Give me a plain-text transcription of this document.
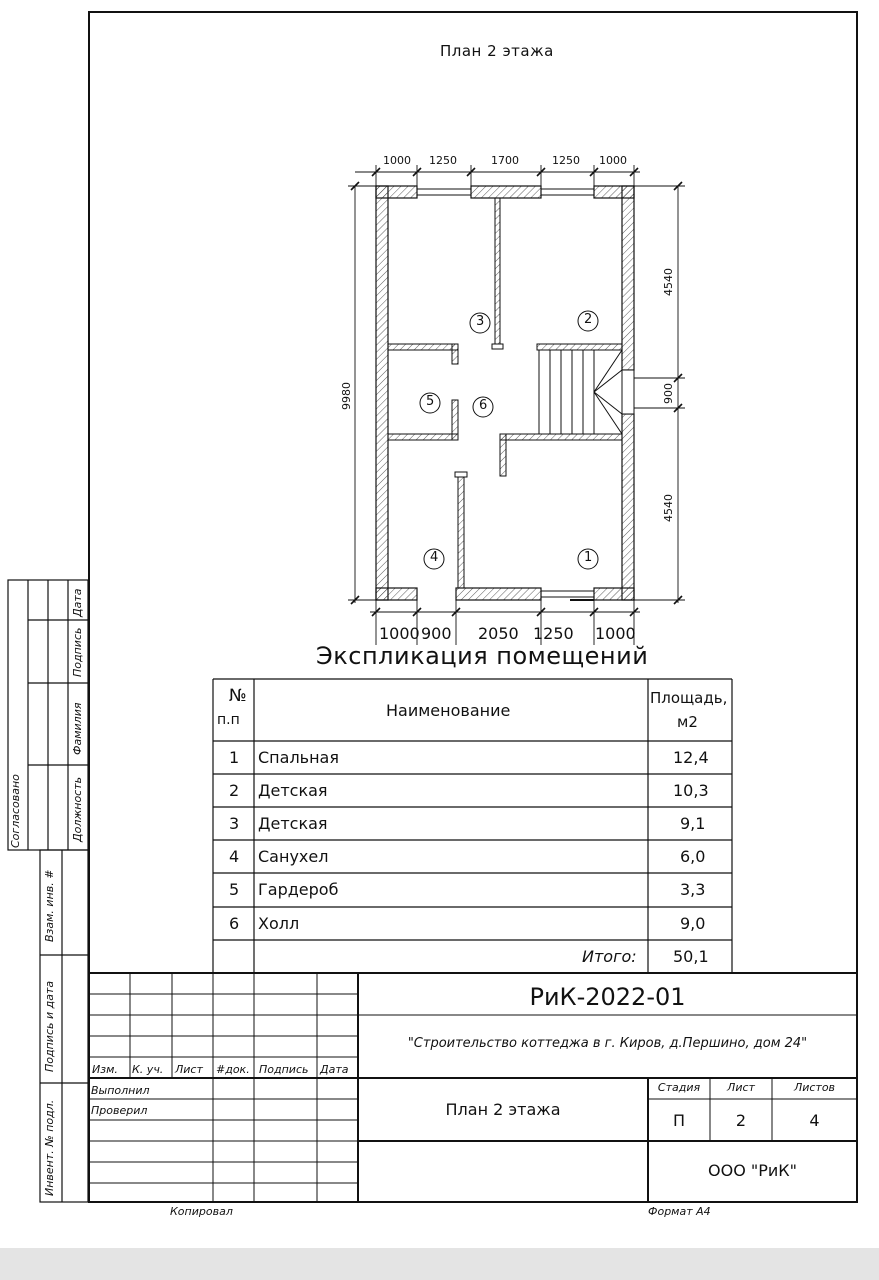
План 2 этажа
1000 1250	1700	1250 1000
1000 900 2050 1250 1000
9980
4540
900
4540
3	2
5	6
4	1
Экспликация помещений
№
п.п	Наименование
Площадь,
м2
1 Спальная	12,4
2 Детская	10,3
3 Детская	9,1
4 Санухел	6,0
5 Гардероб	3,3
6 Холл	9,0
Итого: 50,1
Согласовано	Должность
Фамилия
Подпись
Дата
Взам. инв. #
Подпись и дата
Инвент. № подл.
РиК-2022-01
"Строительство коттеджа в г. Киров, д.Першино, дом 24"
План 2 этажа
Изм. К. уч. Лист #док. Подпись Дата
Выполнил
Проверил
Стадия	Лист	Листов
П	2	4
ООО "РиК"
Копировал	Формат А4
